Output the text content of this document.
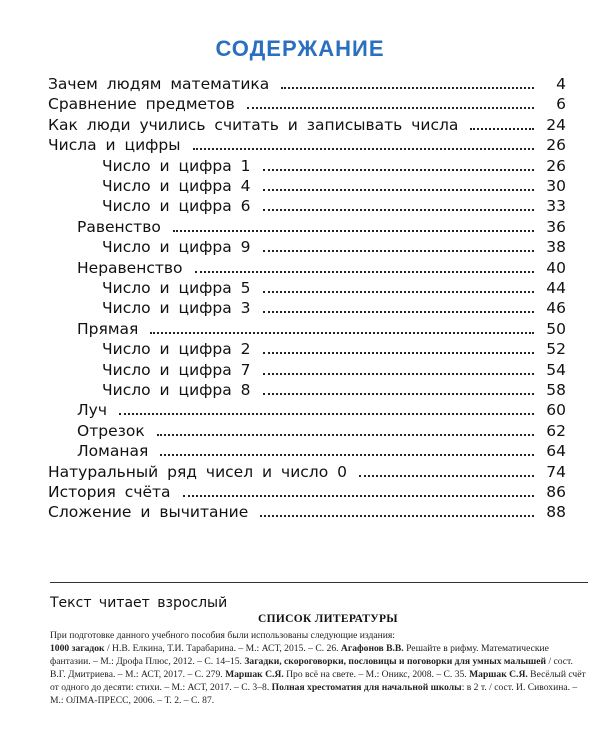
СОДЕРЖАНИЕ
Зачем людям математика	4
Сравнение предметов	6
Как люди учились считать и записывать числа	24
Числа и цифры	26
Число и цифра 1	26
Число и цифра 4	30
Число и цифра 6	33
Равенство	36
Число и цифра 9	38
Неравенство	40
Число и цифра 5	44
Число и цифра 3	46
Прямая	50
Число и цифра 2	52
Число и цифра 7	54
Число и цифра 8	58
Луч	60
Отрезок	62
Ломаная	64
Натуральный ряд чисел и число 0	74
История счёта	86
Сложение и вычитание	88
Текст читает взрослый
СПИСОК ЛИТЕРАТУРЫ

При подготовке данного учебного пособия были использованы следующие издания:

1000 загадок / Н.В. Елкина, Т.И. Тарабарина. – М.: АСТ, 2015. – С. 26. Агафонов В.В. Решайте в рифму. Математические фантазии. – М.: Дрофа Плюс, 2012. – С. 14–15. Загадки, скороговорки, пословицы и поговорки для умных малышей / сост. В.Г. Дмитриева. – М.: АСТ, 2017. – С. 279. Маршак С.Я. Про всё на свете. – М.: Оникс, 2008. – С. 35. Маршак С.Я. Весёлый счёт от одного до десяти: стихи. – М.: АСТ, 2017. – С. 3–8. Полная хрестоматия для начальной школы: в 2 т. / сост. И. Сивохина. – М.: ОЛМА-ПРЕСС, 2006. – Т. 2. – С. 87.
